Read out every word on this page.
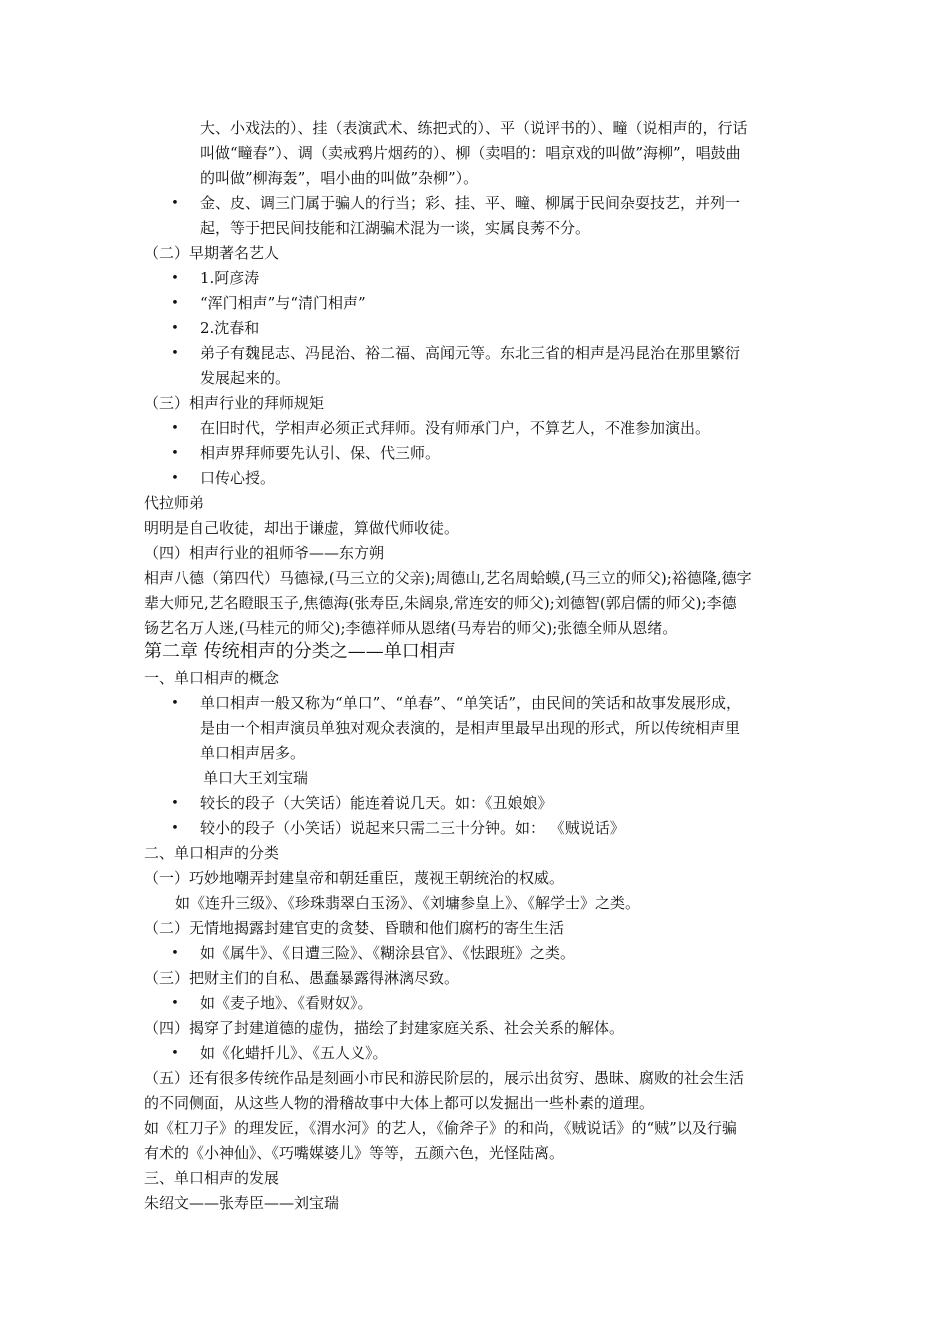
大、小戏法的）、挂（表演武术、练把式的）、平（说评书的）、疃（说相声的，行话
叫做“疃春”）、调（卖戒鸦片烟药的）、柳（卖唱的：唱京戏的叫做”海柳”，唱鼓曲
的叫做”柳海轰”，唱小曲的叫做”杂柳”）。
• 金、皮、调三门属于骗人的行当；彩、挂、平、疃、柳属于民间杂耍技艺，并列一
起，等于把民间技能和江湖骗术混为一谈，实属良莠不分。
（二）早期著名艺人
• 1.阿彦涛
• “浑门相声”与“清门相声”
• 2.沈春和
• 弟子有魏昆志、冯昆治、裕二福、高闻元等。东北三省的相声是冯昆治在那里繁衍
发展起来的。
（三）相声行业的拜师规矩
• 在旧时代，学相声必须正式拜师。没有师承门户，不算艺人，不准参加演出。
• 相声界拜师要先认引、保、代三师。
• 口传心授。
代拉师弟
明明是自己收徒，却出于谦虚，算做代师收徒。
（四）相声行业的祖师爷——东方朔
相声八德（第四代）马德禄,(马三立的父亲);周德山,艺名周蛤蟆,(马三立的师父);裕德隆,德字
辈大师兄,艺名瞪眼玉子,焦德海(张寿臣,朱阔泉,常连安的师父);刘德智(郭启儒的师父);李德
钖艺名万人迷,(马桂元的师父);李德祥师从恩绪(马寿岩的师父);张德全师从恩绪。
第二章 传统相声的分类之——单口相声
一、单口相声的概念
• 单口相声一般又称为“单口”、“单春”、“单笑话”，由民间的笑话和故事发展形成，
是由一个相声演员单独对观众表演的，是相声里最早出现的形式，所以传统相声里
单口相声居多。
单口大王刘宝瑞
• 较长的段子（大笑话）能连着说几天。如：《丑娘娘》
• 较小的段子（小笑话）说起来只需二三十分钟。如： 《贼说话》
二、单口相声的分类
（一）巧妙地嘲弄封建皇帝和朝廷重臣，蔑视王朝统治的权威。
如《连升三级》、《珍珠翡翠白玉汤》、《刘墉参皇上》、《解学士》之类。
（二）无情地揭露封建官吏的贪婪、昏聩和他们腐朽的寄生生活
• 如《属牛》、《日遭三险》、《糊涂县官》、《怯跟班》之类。
（三）把财主们的自私、愚蠢暴露得淋漓尽致。
• 如《麦子地》、《看财奴》。
（四）揭穿了封建道德的虚伪，描绘了封建家庭关系、社会关系的解体。
• 如《化蜡扦儿》、《五人义》。
（五）还有很多传统作品是刻画小市民和游民阶层的，展示出贫穷、愚昧、腐败的社会生活
的不同侧面，从这些人物的滑稽故事中大体上都可以发掘出一些朴素的道理。
如《杠刀子》的理发匠，《渭水河》的艺人，《偷斧子》的和尚，《贼说话》的“贼”以及行骗
有术的《小神仙》、《巧嘴媒婆儿》等等，五颜六色，光怪陆离。
三、单口相声的发展
朱绍文——张寿臣——刘宝瑞
